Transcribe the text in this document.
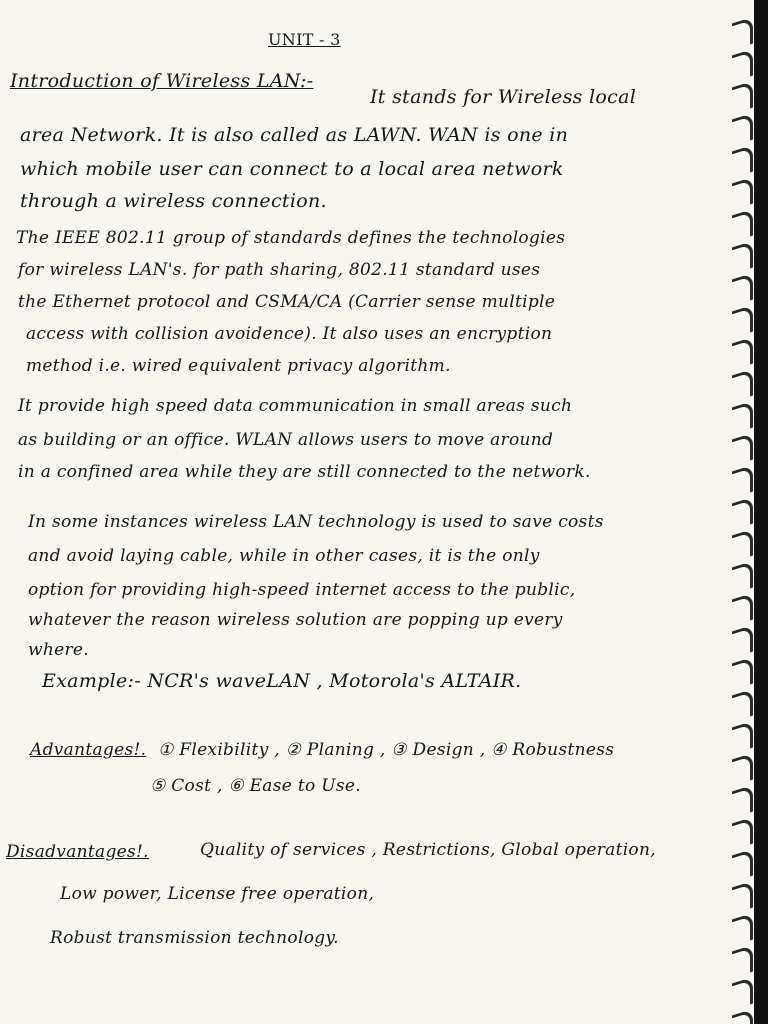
UNIT - 3
Introduction of Wireless LAN:-
It stands for Wireless local
area Network. It is also called as LAWN. WAN is one in
which mobile user can connect to a local area network
through a wireless connection.
The IEEE 802.11 group of standards defines the technologies
for wireless LAN's. for path sharing, 802.11 standard uses
the Ethernet protocol and CSMA/CA (Carrier sense multiple
access with collision avoidence). It also uses an encryption
method i.e. wired equivalent privacy algorithm.
It provide high speed data communication in small areas such
as building or an office. WLAN allows users to move around
in a confined area while they are still connected to the network.
In some instances wireless LAN technology is used to save costs
and avoid laying cable, while in other cases, it is the only
option for providing high-speed internet access to the public,
whatever the reason wireless solution are popping up every
where.
Example:- NCR's waveLAN , Motorola's ALTAIR.
Advantages!. ① Flexibility , ② Planing , ③ Design , ④ Robustness
⑤ Cost , ⑥ Ease to Use.
Disadvantages!.	Quality of services , Restrictions, Global operation,
Low power, License free operation,
Robust transmission technology.
